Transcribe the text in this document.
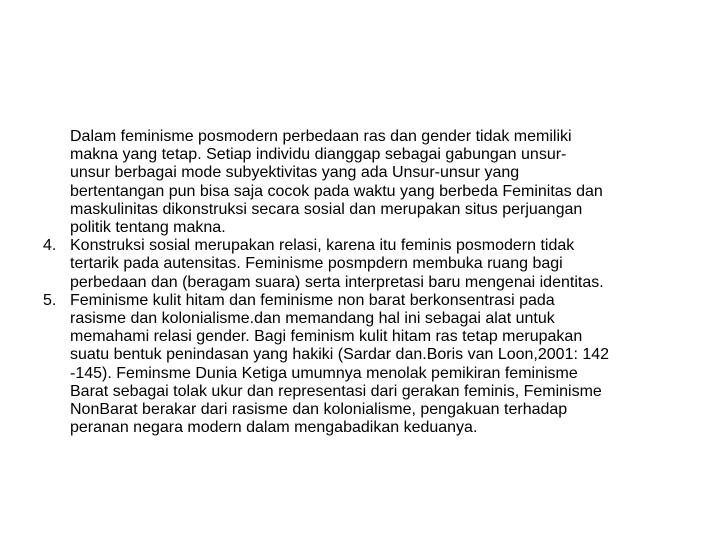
Dalam feminisme posmodern perbedaan ras dan gender tidak memiliki
makna yang tetap. Setiap individu dianggap sebagai gabungan unsur-
unsur berbagai mode subyektivitas yang ada Unsur-unsur yang
bertentangan pun bisa saja cocok pada waktu yang berbeda Feminitas dan
maskulinitas dikonstruksi secara sosial dan merupakan situs perjuangan
politik tentang makna.
4. Konstruksi sosial merupakan relasi, karena itu feminis posmodern tidak
tertarik pada autensitas. Feminisme posmpdern membuka ruang bagi
perbedaan dan (beragam suara) serta interpretasi baru mengenai identitas.
5. Feminisme kulit hitam dan feminisme non barat berkonsentrasi pada
rasisme dan kolonialisme.dan memandang hal ini sebagai alat untuk
memahami relasi gender. Bagi feminism kulit hitam ras tetap merupakan
suatu bentuk penindasan yang hakiki (Sardar dan.Boris van Loon,2001: 142
-145). Feminsme Dunia Ketiga umumnya menolak pemikiran feminisme
Barat sebagai tolak ukur dan representasi dari gerakan feminis, Feminisme
NonBarat berakar dari rasisme dan kolonialisme, pengakuan terhadap
peranan negara modern dalam mengabadikan keduanya.
